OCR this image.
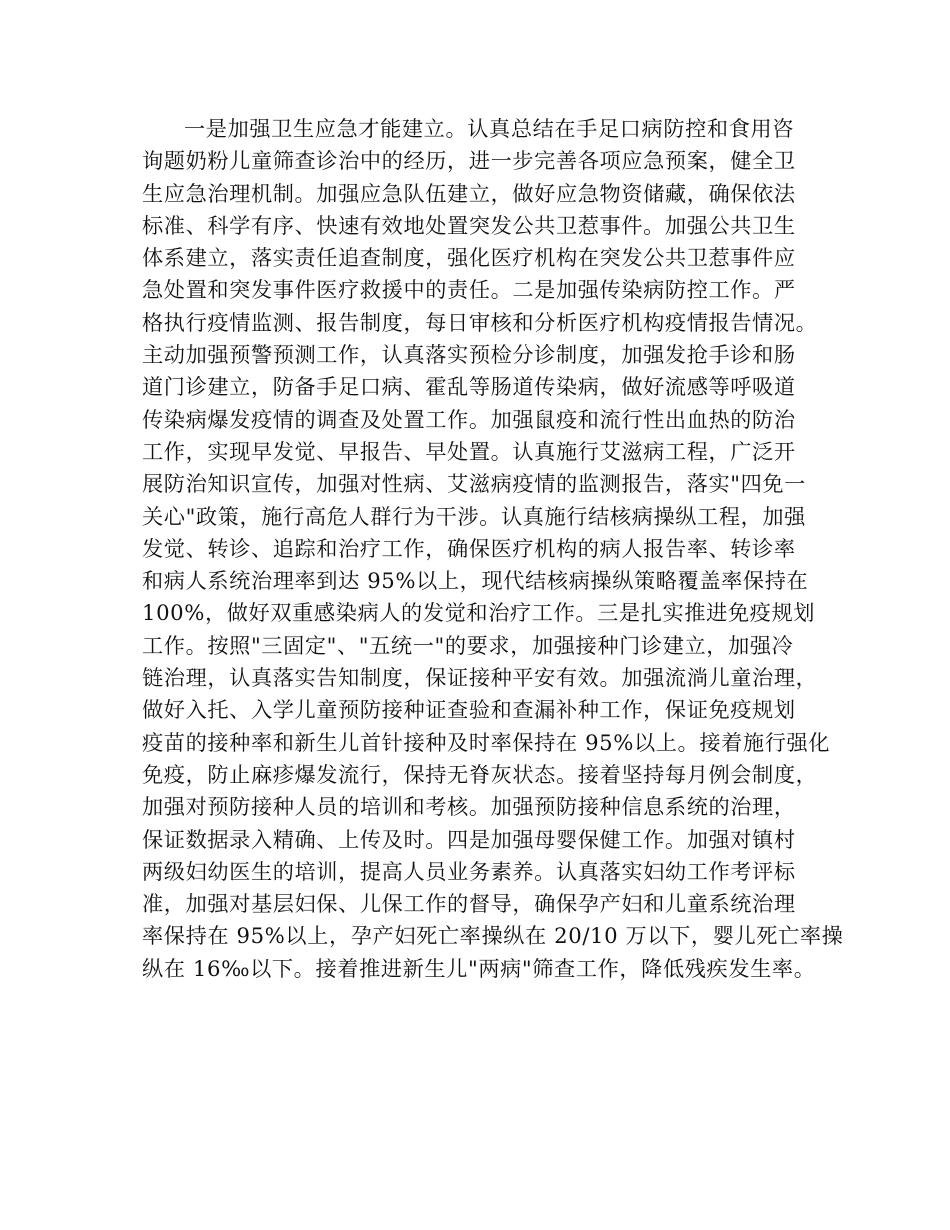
一是加强卫生应急才能建立。认真总结在手足口病防控和食用咨
询题奶粉儿童筛查诊治中的经历，进一步完善各项应急预案，健全卫
生应急治理机制。加强应急队伍建立，做好应急物资储藏，确保依法
标准、科学有序、快速有效地处置突发公共卫惹事件。加强公共卫生
体系建立，落实责任追查制度，强化医疗机构在突发公共卫惹事件应
急处置和突发事件医疗救援中的责任。二是加强传染病防控工作。严
格执行疫情监测、报告制度，每日审核和分析医疗机构疫情报告情况。
主动加强预警预测工作，认真落实预检分诊制度，加强发抢手诊和肠
道门诊建立，防备手足口病、霍乱等肠道传染病，做好流感等呼吸道
传染病爆发疫情的调查及处置工作。加强鼠疫和流行性出血热的防治
工作，实现早发觉、早报告、早处置。认真施行艾滋病工程，广泛开
展防治知识宣传，加强对性病、艾滋病疫情的监测报告，落实"四免一
关心"政策，施行高危人群行为干涉。认真施行结核病操纵工程，加强
发觉、转诊、追踪和治疗工作，确保医疗机构的病人报告率、转诊率
和病人系统治理率到达 95%以上，现代结核病操纵策略覆盖率保持在
100%，做好双重感染病人的发觉和治疗工作。三是扎实推进免疫规划
工作。按照"三固定"、"五统一"的要求，加强接种门诊建立，加强冷
链治理，认真落实告知制度，保证接种平安有效。加强流淌儿童治理，
做好入托、入学儿童预防接种证查验和查漏补种工作，保证免疫规划
疫苗的接种率和新生儿首针接种及时率保持在 95%以上。接着施行强化
免疫，防止麻疹爆发流行，保持无脊灰状态。接着坚持每月例会制度，
加强对预防接种人员的培训和考核。加强预防接种信息系统的治理，
保证数据录入精确、上传及时。四是加强母婴保健工作。加强对镇村
两级妇幼医生的培训，提高人员业务素养。认真落实妇幼工作考评标
准，加强对基层妇保、儿保工作的督导，确保孕产妇和儿童系统治理
率保持在 95%以上，孕产妇死亡率操纵在 20/10 万以下，婴儿死亡率操
纵在 16‰以下。接着推进新生儿"两病"筛查工作，降低残疾发生率。
